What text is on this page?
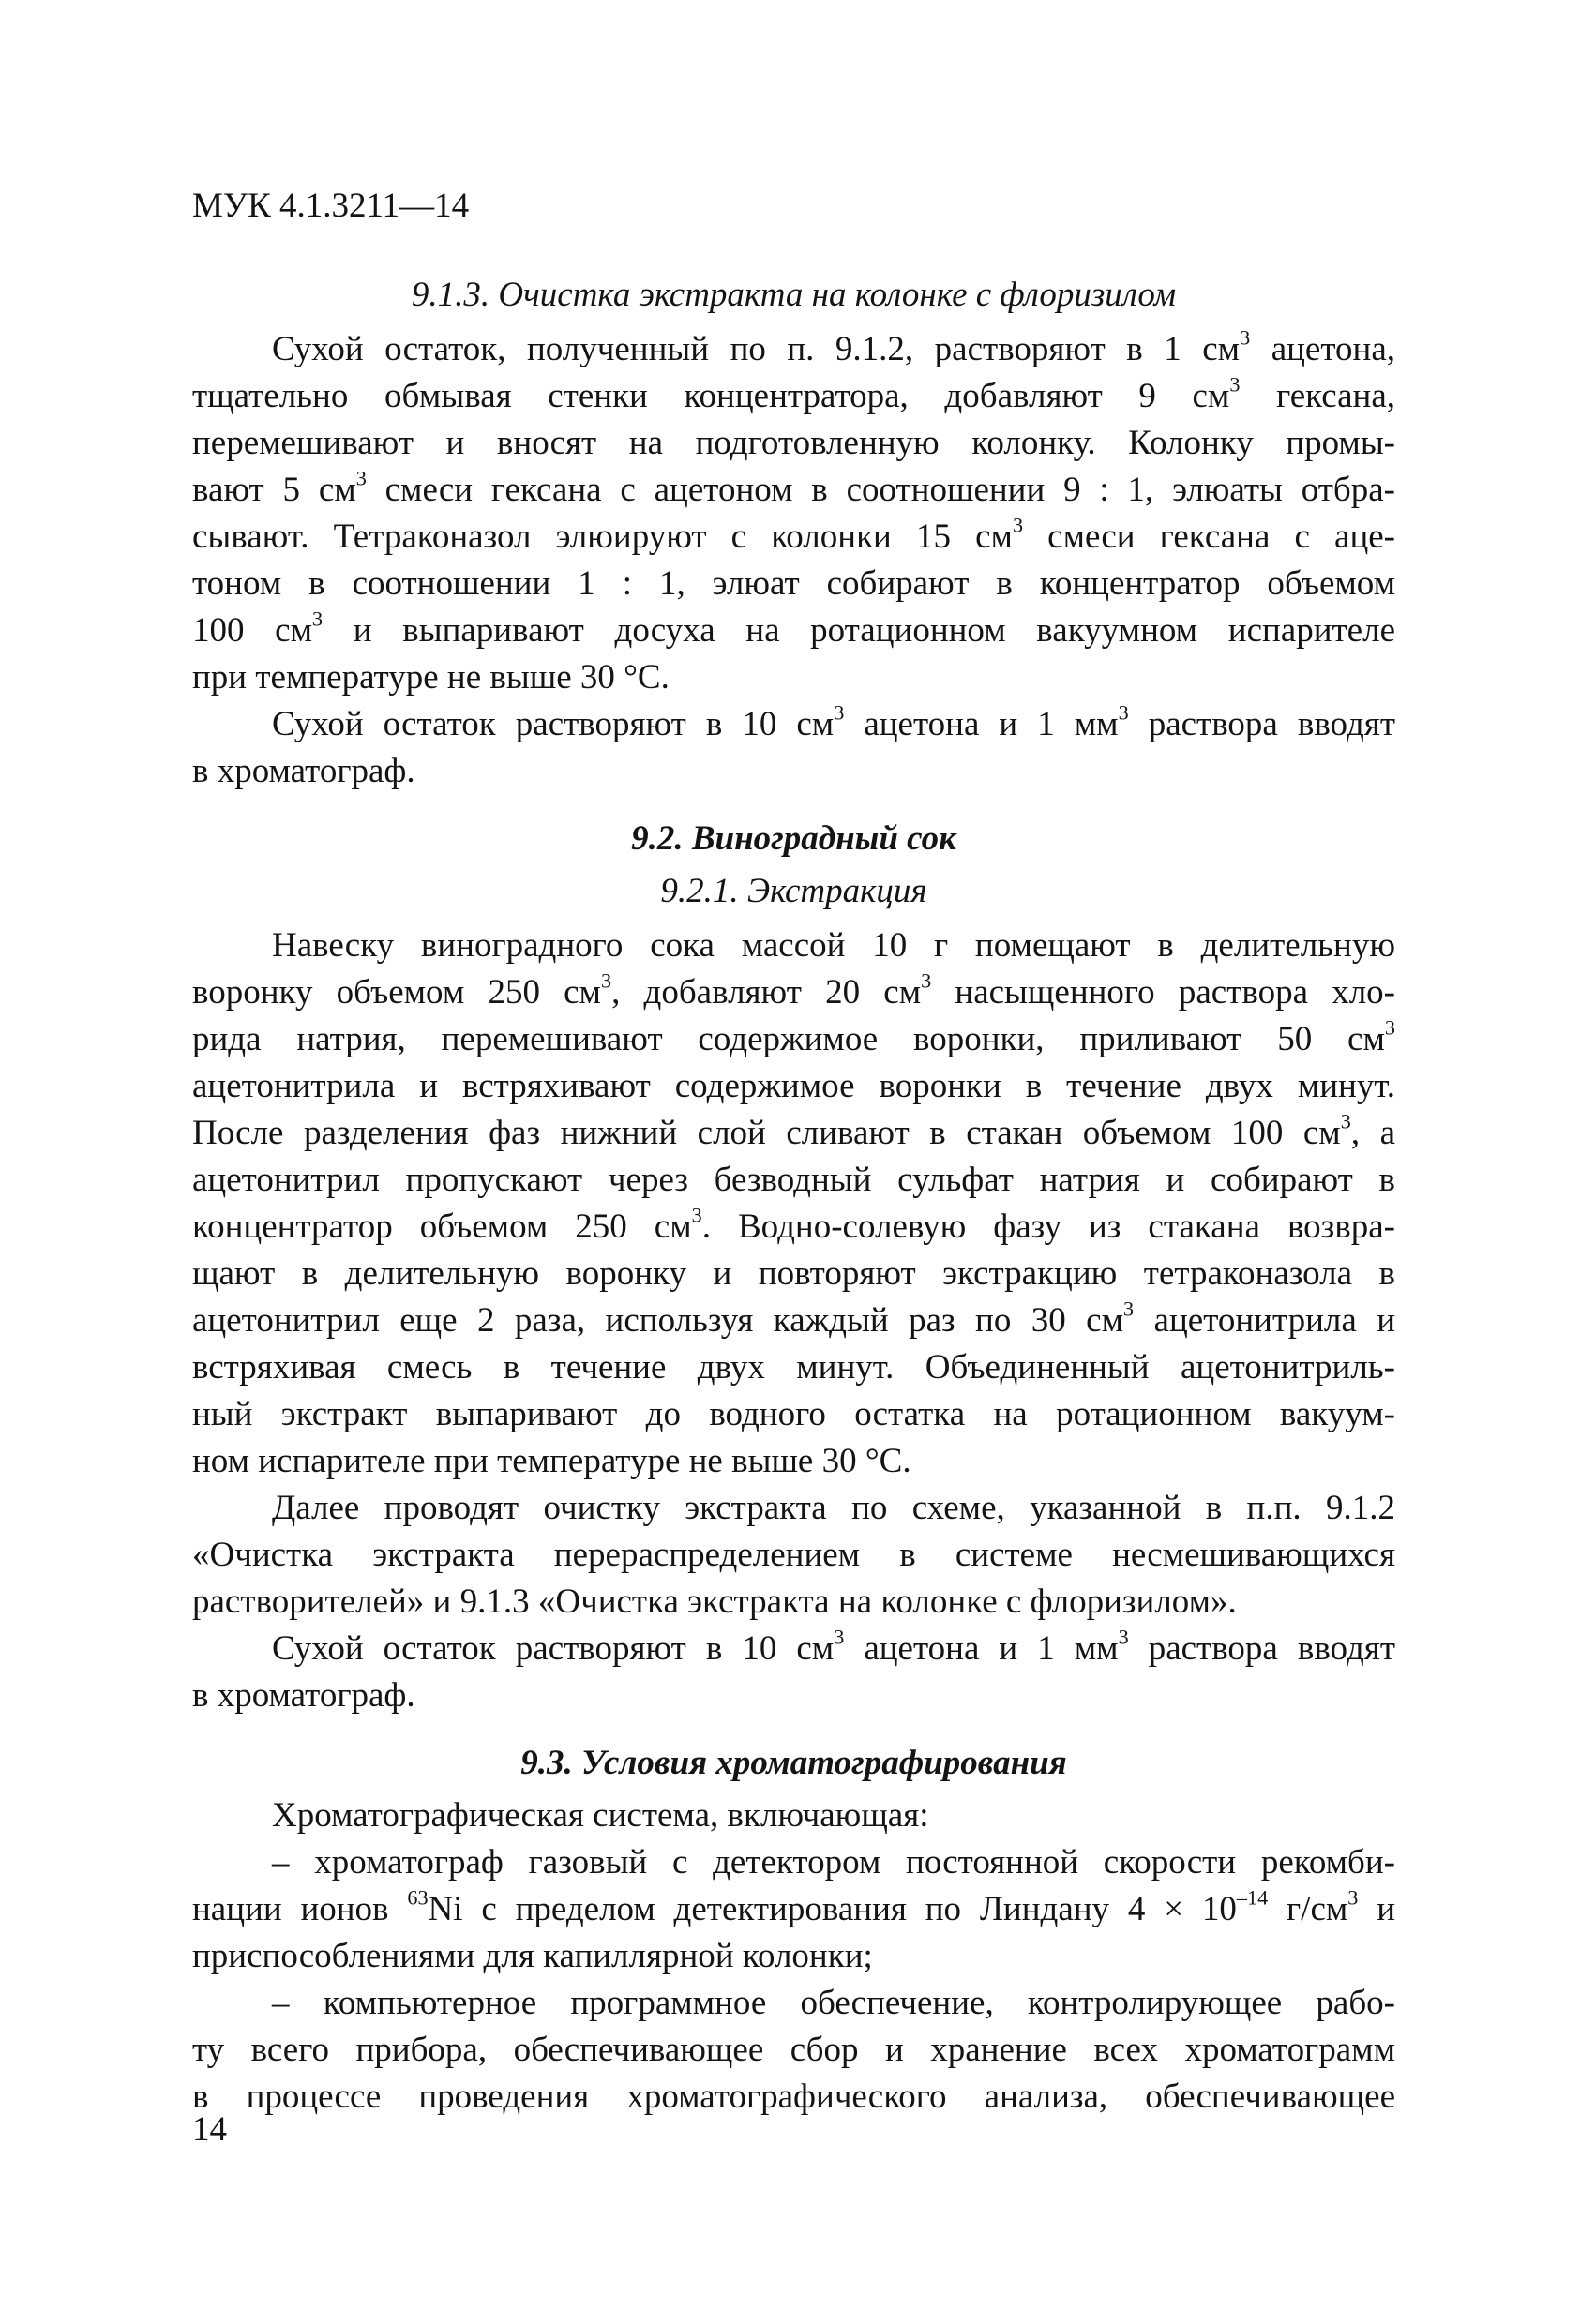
МУК 4.1.3211—14

9.1.3. Очистка экстракта на колонке с флоризилом

Сухой остаток, полученный по п. 9.1.2, растворяют в 1 $см^3$ ацетона,
тщательно обмывая стенки концентратора, добавляют 9 $см^3$ гексана,
перемешивают и вносят на подготовленную колонку. Колонку промы-
вают 5 $см^3$ смеси гексана с ацетоном в соотношении 9 : 1, элюаты отбра-
сывают. Тетраконазол элюируют с колонки 15 $см^3$ смеси гексана с аце-
тоном в соотношении 1 : 1, элюат собирают в концентратор объемом
100 $см^3$ и выпаривают досуха на ротационном вакуумном испарителе
при температуре не выше 30 °С.
Сухой остаток растворяют в 10 $см^3$ ацетона и 1 $мм^3$ раствора вводят
в хроматограф.

9.2. Виноградный сок

9.2.1. Экстракция

Навеску виноградного сока массой 10 г помещают в делительную
воронку объемом 250 $см^3$, добавляют 20 $см^3$ насыщенного раствора хло-
рида натрия, перемешивают содержимое воронки, приливают 50 $см^3$
ацетонитрила и встряхивают содержимое воронки в течение двух минут.
После разделения фаз нижний слой сливают в стакан объемом 100 $см^3$, а
ацетонитрил пропускают через безводный сульфат натрия и собирают в
концентратор объемом 250 $см^3$. Водно-солевую фазу из стакана возвра-
щают в делительную воронку и повторяют экстракцию тетраконазола в
ацетонитрил еще 2 раза, используя каждый раз по 30 $см^3$ ацетонитрила и
встряхивая смесь в течение двух минут. Объединенный ацетонитриль-
ный экстракт выпаривают до водного остатка на ротационном вакуум-
ном испарителе при температуре не выше 30 °С.
Далее проводят очистку экстракта по схеме, указанной в п.п. 9.1.2
«Очистка экстракта перераспределением в системе несмешивающихся
растворителей» и 9.1.3 «Очистка экстракта на колонке с флоризилом».
Сухой остаток растворяют в 10 $см^3$ ацетона и 1 $мм^3$ раствора вводят
в хроматограф.

9.3. Условия хроматографирования

Хроматографическая система, включающая:
– хроматограф газовый с детектором постоянной скорости рекомби-
нации ионов $^{63}$Ni с пределом детектирования по Линдану $4 \times 10^{-14}$ $г/см^3$ и
приспособлениями для капиллярной колонки;
– компьютерное программное обеспечение, контролирующее рабо-
ту всего прибора, обеспечивающее сбор и хранение всех хроматограмм
в процессе проведения хроматографического анализа, обеспечивающее

14
